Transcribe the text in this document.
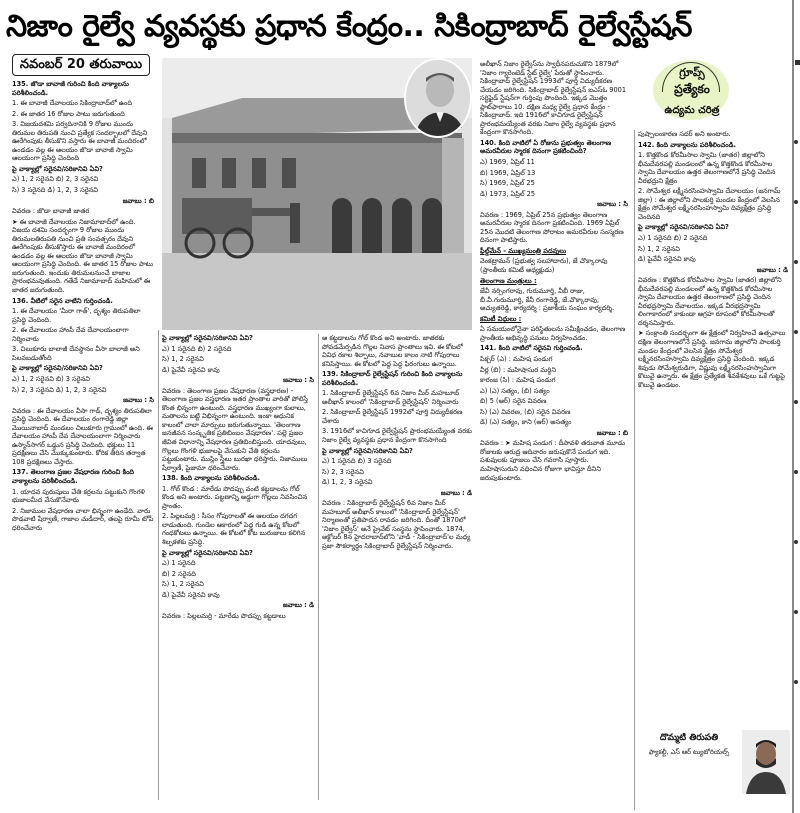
నిజాం రైల్వే వ్యవస్థకు ప్రధాన కేంద్రం.. సికింద్రాబాద్ రైల్వేస్టేషన్
నవంబర్ 20 తరువాయి
గ్రూప్స్
ప్రత్యేకం
ఉద్యమ చరిత్ర

135. జొడా బావాజీ గురించి కింది వాక్యాలను పరిశీలించండి.

1. ఈ బావాజీ దేవాలయం సికింద్రాబాద్‌లో ఉంది

2. ఈ జాతర 16 రోజుల పాటు జరుగుతుంది

3. విజయదశమి పర్వదినానికి 9 రోజుల ముందు తిరుమల తిరుపతి నుంచి ప్రత్యేక సందర్భాలలో దేవుని ఊరేగింపుకు తీసుకొని వస్తారు ఈ బావాజీ మందిరంలో ఉండడం వల్ల ఈ ఆలయం జొడా బావాజీ స్వామి ఆలయంగా ప్రసిద్ధి చెందింది

పై వాక్యాల్లో సరైనవి/సరికానివి ఏవి?

ఎ) 1, 2 సరైనవి బి) 2, 3 సరైనవి

సి) 3 సరైనది డి) 1, 2, 3 సరైనవి

జవాబు : బి

వివరణ : జొడా బావాజీ జాతర

➤ ఈ బావాజీ దేవాలయం నిజామాబాద్‌లో ఉంది. విజయ దశమి సందర్భంగా 9 రోజుల ముందు తిరుమలతిరుపతి నుంచి ప్రతి సంవత్సరం దేవుని ఊరేగింపుకు తీసుకొస్తారు ఈ బావాజీ మందిరంలో ఉండడం వల్ల ఈ ఆలయం జొడా బావాజీ స్వామి ఆలయంగా ప్రసిద్ధి చెందింది. ఈ జాతర 15 రోజుల పాటు జరుగుతుంది. ఇందుకు తిరుమలనుంచే బాజాల ప్రారంభమవుతుంది. గతేడే నిజామాబాద్ మహిమలో ఈ జాతర జరుగుతుంది.

136. వీటిలో సరైన వాటిని గుర్తించండి.

1. ఈ దేవాలయం 'మీరా గాత్', దృశ్యం తిరుపతిలా ప్రసిద్ధి చెందింది.

2. ఈ దేవాలయం హాంపీ దేవ దేవాలయంలాగా నిర్మించారు

3. చిలుకూరు బాలాజీ దేవస్థానం వీసా బాలాజీ అని పిలవబడుతోంది

పై వాక్యాల్లో సరైనవి/సరికానివి ఏవి?

ఎ) 1, 2 సరైనవి బి) 3 సరైనవి

సి) 2, 3 సరైనవి డి) 1, 2, 3 సరైనవి

జవాబు : సి

వివరణ : ఈ దేవాలయం వీసా గాడ్, దృశ్యం తిరుపతిలా ప్రసిద్ధి చెందింది. ఈ దేవాలయం రంగారెడ్డి జిల్లా మొయినాబాద్ మండలం చిలుకూరు గ్రామంలో ఉంది. ఈ దేవాలయం హాంపీ దేవ దేవాలయంలాగా నిర్మించారు ఉస్మాన్‌సాగర్ ఒడ్డున ప్రసిద్ధి చెందింది. భక్తులు 11 ప్రదక్షిణలు చేసి మొక్కుకుంటారు. కోరిక తీరిన తర్వాత 108 ప్రదక్షిణలు చేస్తారు.

137. తెలంగాణ ప్రజల వేషధారణ గురించి కింది వాక్యాలను పరిశీలించండి.

1. యాదవ పురుషులు చేతి కర్రలను పట్టుకుని గొంగళి భుజాలమీద వేసుకొనేవారు

2. నిజాముల వేషధారణ చాలా భిన్నంగా ఉండేది. వారు పొడవాటి షేర్వాణీ, గాజాల చుడీదార్, తలపై రూమీ టోపీ ధరించేవారు

పై వాక్యాల్లో సరైనవి/సరికానివి ఏవి?

ఎ) 1 సరైనది బి) 2 సరైనది

సి) 1, 2 సరైనవి

డి) పైవేవీ సరైనవి కావు

జవాబు : సి

వివరణ : తెలంగాణ ప్రజల వేషధారణ (వస్త్రధారణ) - తెలంగాణ ప్రజల వస్త్రధారణ ఇతర ప్రాంతాల వారితో పోలిస్తే కొంత భిన్నంగా ఉంటుంది. వస్త్రధారణ ముఖ్యంగా కులాలు, మతాలను బట్టి విభిన్నంగా ఉంటుంది. ఇంకా ఆధునిక కాలంలో చాలా మార్పులు జరుగుతున్నాయి. 'తెలంగాణ జనజీవన సంస్కృతిక ప్రతిబింబం వేషధారణ'. పల్లె ప్రజల జీవిత విధానాన్ని వేషధారణ ప్రతిబింబిస్తుంది. యాదవులు, గొల్లలు గొంగళి భుజాలపై వేసుకుని చేతి కర్రలను పట్టుకుంటారు. ముస్లిం స్త్రీలు బురఖా ధరిస్తారు. నిజాములు షేర్వాణీ, పైజామా ధరించేవారు.

138. కింది వాక్యాలను పరిశీలించండి.

1. గోల్ కొండ : మారేడు పొదప్పు వంటి కట్టడాలను గోల్ కొండ అని అంటారు. పట్టణాన్ని అడ్డుగా గొల్లలు నివసించిన ప్రాంతం.

2. పిల్లలమర్రి : సీసం గోపురాలతో ఈ ఆలయం దగదగ లాడుతుంది. గుండెల ఆకారంలో పెద్ద గుడి ఉన్న కోటలో గంధకోటలు ఉన్నాయి. ఈ కోటలో కోట బురుజులు కలిగిన శిల్పకళకు ప్రసిద్ధి.

పై వాక్యాల్లో సరైనవి/సరికానివి ఏవి?

ఎ) 1 సరైనది

బి) 2 సరైనది

సి) 1, 2 సరైనవి

డి) పైవేవీ సరైనవి కావు

జవాబు : డి

వివరణ : పిల్లలమర్రి - మారేడు పొదప్పు కట్టడాలు

ఆ కట్టడాలను గోల్ కొండ అని అంటారు. జాతరకు పోవడమేర్పడిన గొల్లల నివాస ప్రాంతాలు ఇవి. ఈ కోటలో వివిధ రకాల శిల్పాలు, నవాబుల కాలం నాటి గోపురాలు కనిపిస్తాయి. ఈ కోటలో పెద్ద పెద్ద ఫిరంగులు ఉన్నాయి.

139. సికింద్రాబాద్ రైల్వేస్టేషన్ గురించి కింది వాక్యాలను పరిశీలించండి.

1. సికింద్రాబాద్ రైల్వేస్టేషన్ 6వ నిజాం మీర్ మహబూబ్ అలీఖాన్ కాలంలో 'సికింద్రాబాద్ రైల్వేస్టేషన్' నిర్మించారు

2. సికింద్రాబాద్ రైల్వేస్టేషన్ 1992లో పూర్తి విద్యుదీకరణ చేశారు

3. 1916లో కాచిగూడ రైల్వేస్టేషన్ ప్రారంభమయ్యేంత వరకు నిజాం రైల్వే వ్యవస్థకు ప్రధాన కేంద్రంగా కొనసాగింది

పై వాక్యాల్లో సరైనవి/సరికానివి ఏవి?

ఎ) 1 సరైనది బి) 3 సరైనది

సి) 2, 3 సరైనవి

డి) 1, 2, 3 సరైనవి

జవాబు : డి

వివరణ : సికింద్రాబాద్ రైల్వేస్టేషన్ 6వ నిజాం మీర్ మహబూబ్ అలీఖాన్ కాలంలో 'సికింద్రాబాద్ రైల్వేస్టేషన్' నిర్మాణంతో ప్రతిపాదన రావడం జరిగింది. దీంతో 1870లో 'నిజాం రైల్వేస్' అనే ప్రైవేట్ సంస్థను స్థాపించారు. 1874, అక్టోబర్ 8న హైదరాబాద్‌లోని 'వాడీ - సికింద్రాబాద్'ల మధ్య ప్రజా సౌకర్యార్థం సికింద్రాబాద్ రైల్వేస్టేషన్ నిర్మించారు.

అలీఖాన్ నిజాం రైల్వేస్‌ను స్వాధీనపరుచుకొని 1879లో 'నిజాం గ్యారెంటెడ్ స్టేట్ రైల్వే' పేరుతో స్థాపించారు. సికింద్రాబాద్ రైల్వేస్టేషన్ 1993లో పూర్తి విద్యుదీకరణ చేయడం జరిగింది. సికింద్రాబాద్ రైల్వేస్టేషన్ ఐఎస్‌ఓ 9001 సర్టిఫైడ్ స్టేషన్‌గా గుర్తింపు పొందింది. ఇక్కడ మొత్తం ప్లాట్‌ఫారాలు 10. దక్షిణ మధ్య రైల్వే ప్రధాన కేంద్రం - సికింద్రాబాద్. ఇది 1916లో కాచిగూడ రైల్వేస్టేషన్ ప్రారంభమయ్యేంత వరకు నిజాం రైల్వే వ్యవస్థకు ప్రధాన కేంద్రంగా కొనసాగింది.

140. కింది వాటిలో ఏ రోజును ప్రభుత్వం తెలంగాణ అమరవీరుల స్మారక దినంగా ప్రకటించింది?

ఎ) 1969, ఏప్రిల్ 11

బి) 1969, ఏప్రిల్ 13

సి) 1969, ఏప్రిల్ 25

డి) 1973, ఏప్రిల్ 25

జవాబు : సి

వివరణ : 1969, ఏప్రిల్ 25న ప్రభుత్వం తెలంగాణ అమరవీరుల స్మారక దినంగా ప్రకటించింది. 1969 ఏప్రిల్ 25న మొదటి తెలంగాణ పోరాటం అమరవీరుల సంస్మరణ దినంగా పాటిస్తారు.

ఫీల్డ్‌మేన్ - ముఖ్యమంత్రి పదవులు

వెంకట్రామన్ (ప్రభుత్వ సలహాదారు), జే చొక్కారావు (ప్రాంతీయ కమిటీ అధ్యక్షుడు)

తెలంగాణ మంత్రులు :

జేవీ నర్సింగరావు, గురుమూర్తి, వీబీ రాజు, బీ.వీ.గురుమూర్తి, కేవీ రంగారెడ్డి, జే.చొక్కారావు, అచ్యుతరెడ్డి, కార్యదర్శి : ప్రజాకీయ సంఘం కార్యదర్శి.

కమిటీ విధులు :

ఏ సమయంలోనైనా పరిస్థితులను సమీక్షించడం, తెలంగాణ ప్రాంతీయ అభివృద్ధి పనులు నిర్వహించడం.

141. కింది వాటిలో సరైనవి గుర్తించండి.

పిక్చర్ (ఎ) : మహిష పండుగ

వీర్ల (బి) : మహిషాసుర మర్దిని

కారంజ (సి) : మహిష పండుగ

ఎ) (ఎ) సత్యం, (బి) సత్యం

బి) 5 (ఆర్) సరైన వివరణ

సి) (ఎ) వివరణ, (బి) సరైన వివరణ

డి) (ఎ) సత్యం, కాని (ఆర్) అసత్యం

జవాబు : బి

వివరణ : ➤ మహిష పండుగ : దీపావళి తరువాత మూడు రోజులకు ఆరుద్ర ఆదివారం జరుపుకొనే పండుగ ఇది. పశువులకు పూజలు చేసి గవరాసి పూస్తారు. మహిషాసురుని వధించిన రోజుగా భావిస్తూ దీనిని జరుపుకుంటారు.

పుష్పాలంకారణ సదర్ అని అంటారు.

142. కింది వాక్యాలను పరిశీలించండి.

1. కొత్తకొండ కోరమీసాల స్వామి (జాతర) జిల్లాలోని భీమదేవరపల్లి మండలంలో ఉన్న కొత్తకొండ కోరమీసాల స్వామి దేవాలయం ఉత్తర తెలంగాణలోనే ప్రసిద్ధి చెందిన వీరభద్రుని క్షేత్రం

2. సోమేశ్వర లక్ష్మీనరసింహస్వామి దేవాలయం (జనగామ్ జిల్లా) : ఈ జిల్లాలోని పాలకుర్తి మండల కేంద్రంలో వెలసిన క్షేత్రం సోమేశ్వర లక్ష్మీనరసింహస్వామి దివ్యక్షేత్రం ప్రసిద్ధి చెందినది

పై వాక్యాల్లో సరైనవి/సరికానివి ఏవి?

ఎ) 1 సరైనది బి) 2 సరైనది

సి) 1, 2 సరైనవి

డి) పైవేవీ సరైనవి కావు

జవాబు : డి

వివరణ : కొత్తకొండ కోరమీసాల స్వామి (జాతర) జిల్లాలోని భీమదేవరపల్లి మండలంలో ఉన్న కొత్తకొండ కోరమీసాల స్వామి దేవాలయం ఉత్తర తెలంగాణలో ప్రసిద్ధి చెందిన వీరభద్రస్వామి దేవాలయం. ఇక్కడ వీరభద్రస్వామి లింగాకారంలో కాకుండా ఆగ్రహ రూపంలో కోరమీసాలతో దర్శనమిస్తారు.

➤ సంక్రాంతి సందర్భంగా ఈ క్షేత్రంలో నిర్వహించే ఉత్సవాలు దక్షిణ తెలంగాణలోనే ప్రసిద్ధి. జనగామ జిల్లాలోని పాలకుర్తి మండల కేంద్రంలో వెలసిన క్షేత్రం సోమేశ్వర లక్ష్మీనరసింహస్వామి దివ్యక్షేత్రం ప్రసిద్ధి చెందింది. ఇక్కడ శివుడు సోమేశ్వరుడిగా, విష్ణువు లక్ష్మీనరసింహస్వామిగా కొలువై ఉన్నారు. ఈ క్షేత్రం ప్రత్యేకత శివకేశవులు ఒకే గుట్టపై కొలువై ఉండటం.

దొమ్మటి తిరుపతి
ఫ్యాకల్టీ, ఎస్ ఆర్ ట్యుటోరియల్స్
